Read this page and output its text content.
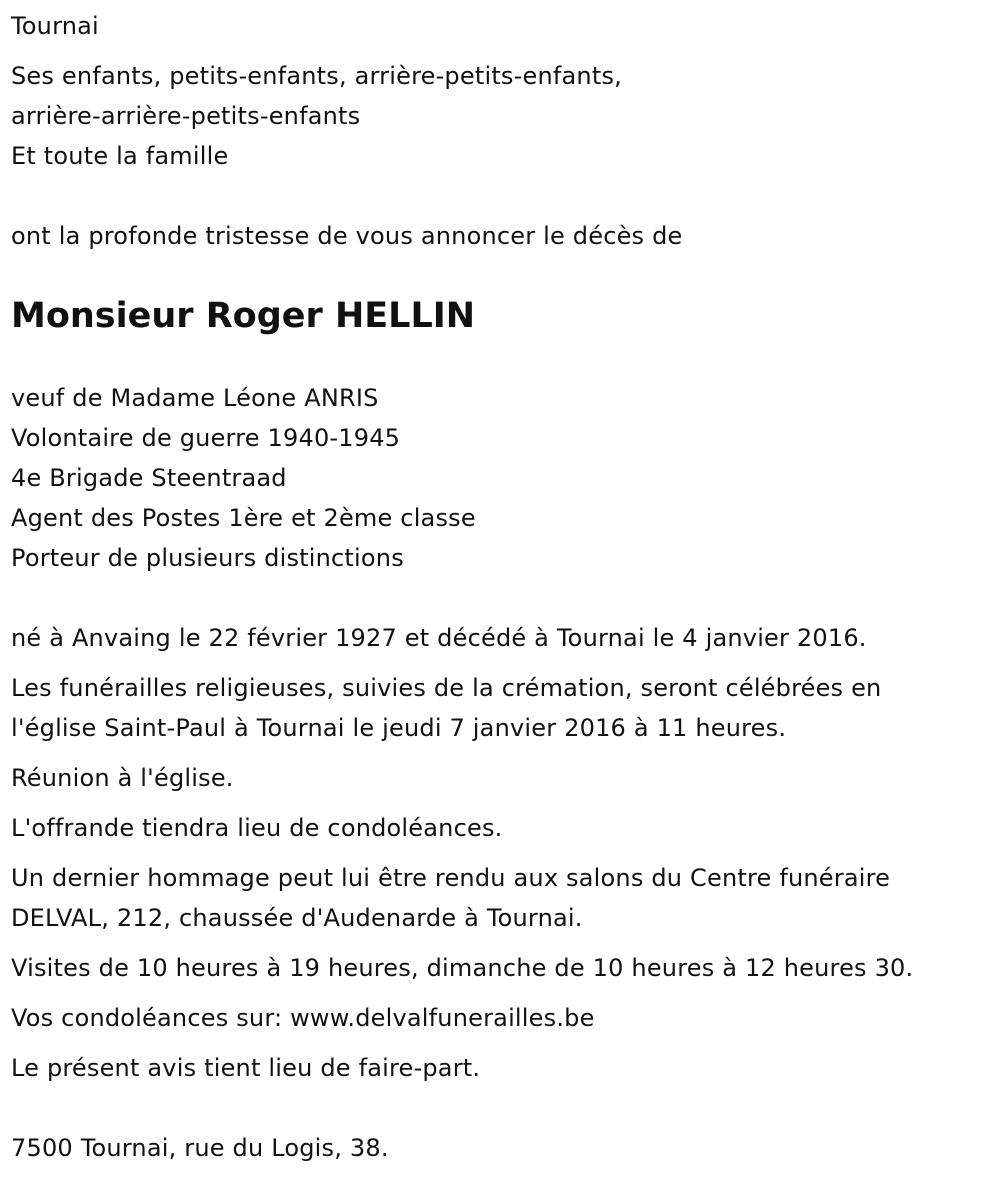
Tournai
Ses enfants, petits-enfants, arrière-petits-enfants,
arrière-arrière-petits-enfants
Et toute la famille
ont la profonde tristesse de vous annoncer le décès de
Monsieur Roger HELLIN
veuf de Madame Léone ANRIS
Volontaire de guerre 1940-1945
4e Brigade Steentraad
Agent des Postes 1ère et 2ème classe
Porteur de plusieurs distinctions
né à Anvaing le 22 février 1927 et décédé à Tournai le 4 janvier 2016.
Les funérailles religieuses, suivies de la crémation, seront célébrées en
l'église Saint-Paul à Tournai le jeudi 7 janvier 2016 à 11 heures.
Réunion à l'église.
L'offrande tiendra lieu de condoléances.
Un dernier hommage peut lui être rendu aux salons du Centre funéraire
DELVAL, 212, chaussée d'Audenarde à Tournai.
Visites de 10 heures à 19 heures, dimanche de 10 heures à 12 heures 30.
Vos condoléances sur: www.delvalfunerailles.be
Le présent avis tient lieu de faire-part.
7500 Tournai, rue du Logis, 38.
